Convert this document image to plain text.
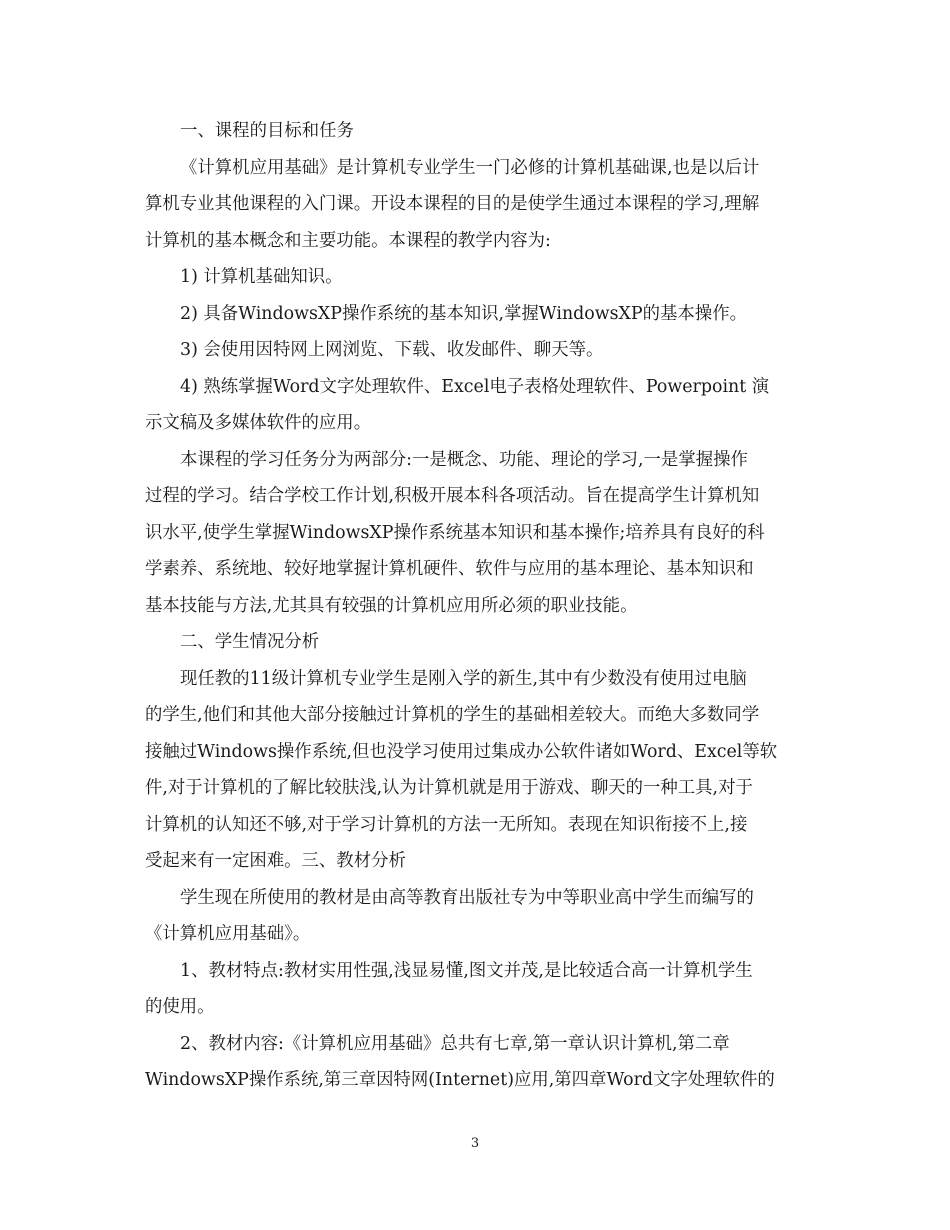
一、课程的目标和任务
《计算机应用基础》是计算机专业学生一门必修的计算机基础课,也是以后计
算机专业其他课程的入门课。开设本课程的目的是使学生通过本课程的学习,理解
计算机的基本概念和主要功能。本课程的教学内容为:
1) 计算机基础知识。
2) 具备WindowsXP操作系统的基本知识,掌握WindowsXP的基本操作。
3) 会使用因特网上网浏览、下载、收发邮件、聊天等。
4) 熟练掌握Word文字处理软件、Excel电子表格处理软件、Powerpoint 演
示文稿及多媒体软件的应用。
本课程的学习任务分为两部分:一是概念、功能、理论的学习,一是掌握操作
过程的学习。结合学校工作计划,积极开展本科各项活动。旨在提高学生计算机知
识水平,使学生掌握WindowsXP操作系统基本知识和基本操作;培养具有良好的科
学素养、系统地、较好地掌握计算机硬件、软件与应用的基本理论、基本知识和
基本技能与方法,尤其具有较强的计算机应用所必须的职业技能。
二、学生情况分析
现任教的11级计算机专业学生是刚入学的新生,其中有少数没有使用过电脑
的学生,他们和其他大部分接触过计算机的学生的基础相差较大。而绝大多数同学
接触过Windows操作系统,但也没学习使用过集成办公软件诸如Word、Excel等软
件,对于计算机的了解比较肤浅,认为计算机就是用于游戏、聊天的一种工具,对于
计算机的认知还不够,对于学习计算机的方法一无所知。表现在知识衔接不上,接
受起来有一定困难。三、教材分析
学生现在所使用的教材是由高等教育出版社专为中等职业高中学生而编写的
《计算机应用基础》。
1、教材特点:教材实用性强,浅显易懂,图文并茂,是比较适合高一计算机学生
的使用。
2、教材内容:《计算机应用基础》总共有七章,第一章认识计算机,第二章
WindowsXP操作系统,第三章因特网(Internet)应用,第四章Word文字处理软件的
3
